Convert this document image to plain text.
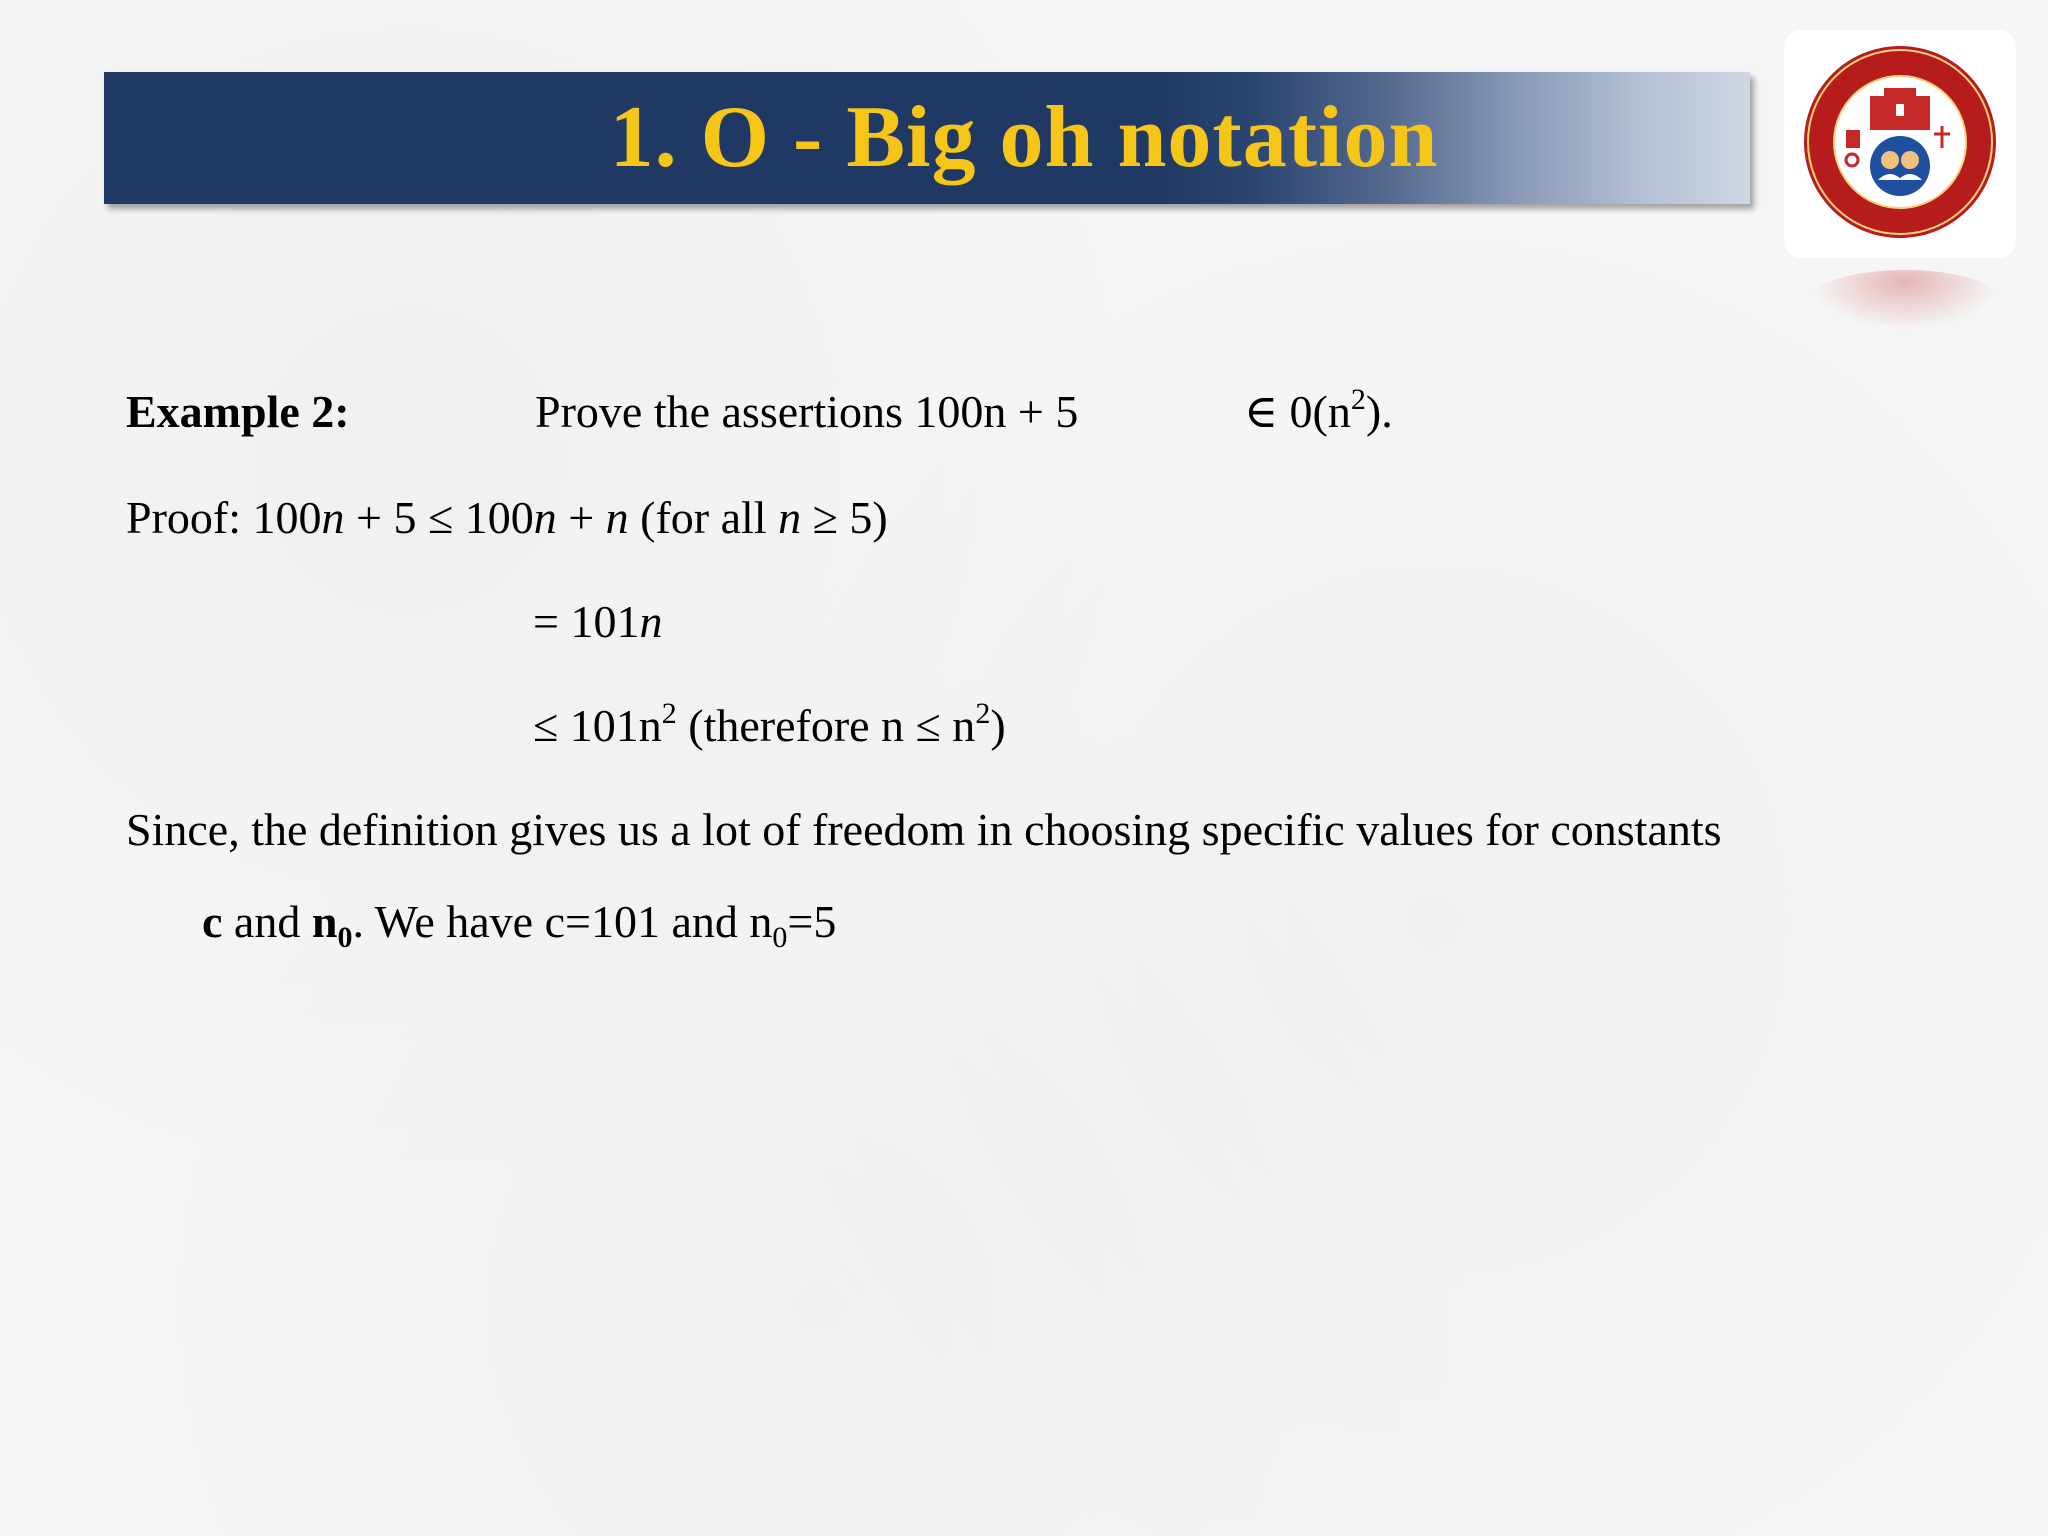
1. O - Big oh notation
Example 2:	Prove the assertions 100n + 5	∈ $0(n^2)$.
Proof: 100n + 5 ≤ 100n + n (for all n ≥ 5)
= 101n
≤ $101n^2$ (therefore $n \le n^2$)
Since, the definition gives us a lot of freedom in choosing specific values for constants
c and $n_0$. We have c=101 and $n_0=5$
